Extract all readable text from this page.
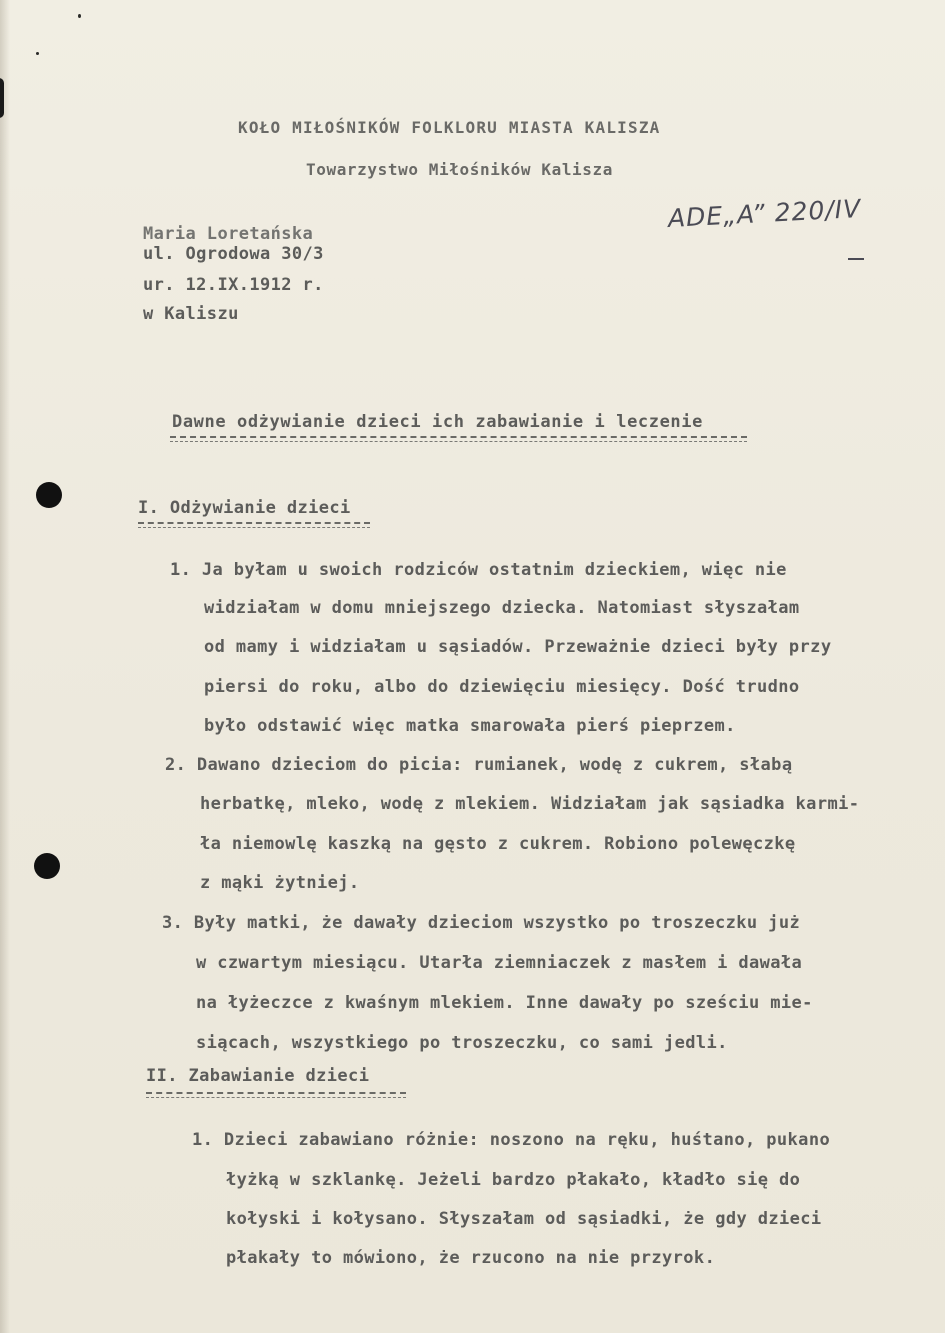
KOŁO MIŁOŚNIKÓW FOLKLORU MIASTA KALISZA
Towarzystwo Miłośników Kalisza
Maria Loretańska
ul. Ogrodowa 30/3
ur. 12.IX.1912 r.
w Kaliszu
ADE„A” 220/IV
Dawne odżywianie dzieci ich zabawianie i leczenie
I. Odżywianie dzieci
1. Ja byłam u swoich rodziców ostatnim dzieckiem, więc nie
widziałam w domu mniejszego dziecka. Natomiast słyszałam
od mamy i widziałam u sąsiadów. Przeważnie dzieci były przy
piersi do roku, albo do dziewięciu miesięcy. Dość trudno
było odstawić więc matka smarowała pierś pieprzem.
2. Dawano dzieciom do picia: rumianek, wodę z cukrem, słabą
herbatkę, mleko, wodę z mlekiem. Widziałam jak sąsiadka karmi-
ła niemowlę kaszką na gęsto z cukrem. Robiono polewęczkę
z mąki żytniej.
3. Były matki, że dawały dzieciom wszystko po troszeczku już
w czwartym miesiącu. Utarła ziemniaczek z masłem i dawała
na łyżeczce z kwaśnym mlekiem. Inne dawały po sześciu mie-
siącach, wszystkiego po troszeczku, co sami jedli.
II. Zabawianie dzieci
1. Dzieci zabawiano różnie: noszono na ręku, huśtano, pukano
łyżką w szklankę. Jeżeli bardzo płakało, kładło się do
kołyski i kołysano. Słyszałam od sąsiadki, że gdy dzieci
płakały to mówiono, że rzucono na nie przyrok.
